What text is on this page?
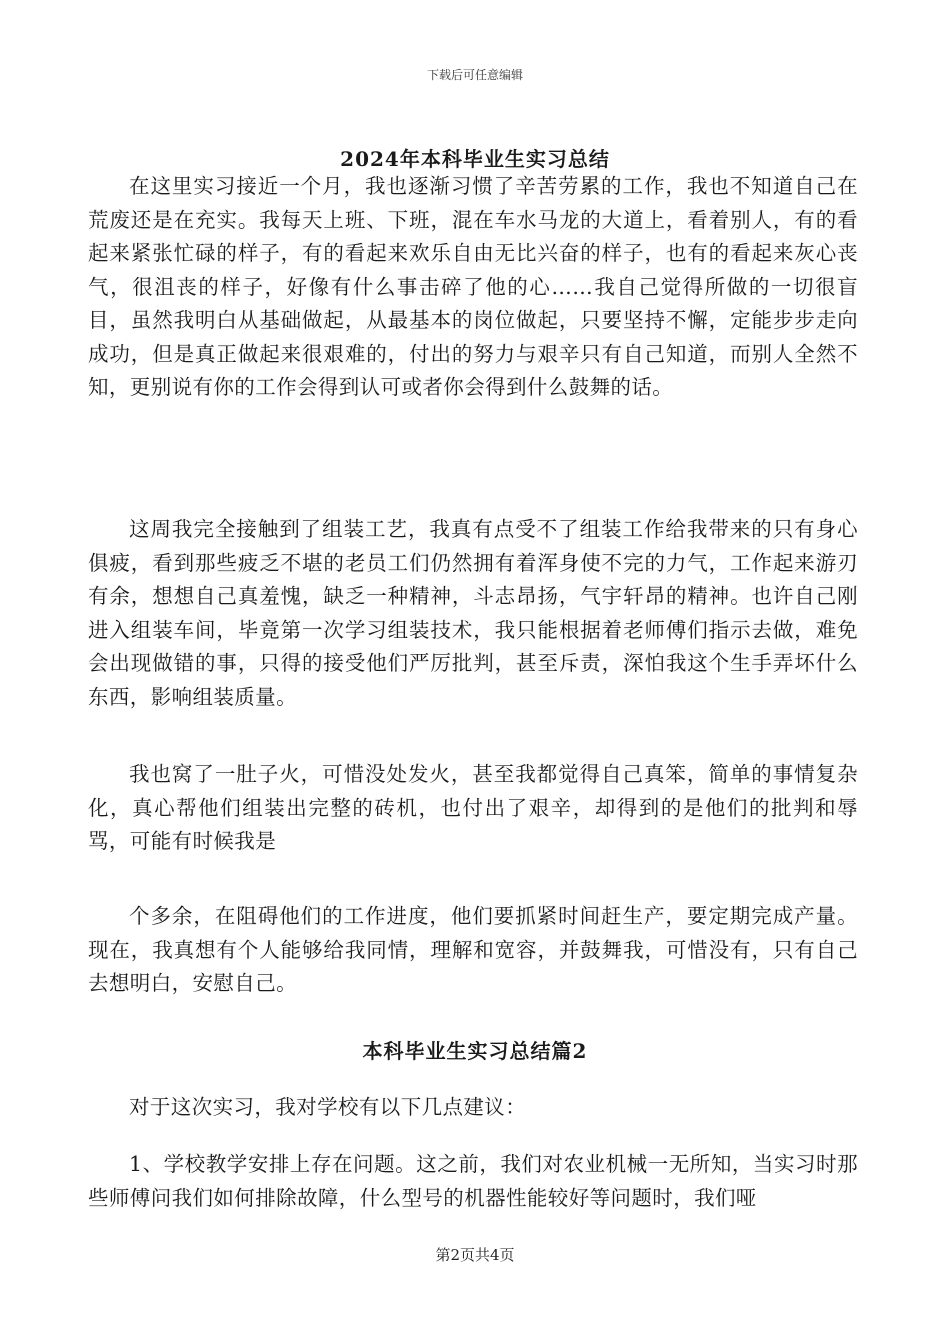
下载后可任意编辑
2024年本科毕业生实习总结

在这里实习接近一个月，我也逐渐习惯了辛苦劳累的工作，我也不知道自己在荒废还是在充实。我每天上班、下班，混在车水马龙的大道上，看着别人，有的看起来紧张忙碌的样子，有的看起来欢乐自由无比兴奋的样子，也有的看起来灰心丧气，很沮丧的样子，好像有什么事击碎了他的心……我自己觉得所做的一切很盲目，虽然我明白从基础做起，从最基本的岗位做起，只要坚持不懈，定能步步走向成功，但是真正做起来很艰难的，付出的努力与艰辛只有自己知道，而别人全然不知，更别说有你的工作会得到认可或者你会得到什么鼓舞的话。

这周我完全接触到了组装工艺，我真有点受不了组装工作给我带来的只有身心俱疲，看到那些疲乏不堪的老员工们仍然拥有着浑身使不完的力气，工作起来游刃有余，想想自己真羞愧，缺乏一种精神，斗志昂扬，气宇轩昂的精神。也许自己刚进入组装车间，毕竟第一次学习组装技术，我只能根据着老师傅们指示去做，难免会出现做错的事，只得的接受他们严厉批判，甚至斥责，深怕我这个生手弄坏什么东西，影响组装质量。

我也窝了一肚子火，可惜没处发火，甚至我都觉得自己真笨，简单的事情复杂化，真心帮他们组装出完整的砖机，也付出了艰辛，却得到的是他们的批判和辱骂，可能有时候我是

个多余，在阻碍他们的工作进度，他们要抓紧时间赶生产，要定期完成产量。现在，我真想有个人能够给我同情，理解和宽容，并鼓舞我，可惜没有，只有自己去想明白，安慰自己。

本科毕业生实习总结篇2

对于这次实习，我对学校有以下几点建议：

1、学校教学安排上存在问题。这之前，我们对农业机械一无所知，当实习时那些师傅问我们如何排除故障，什么型号的机器性能较好等问题时，我们哑

第2页共4页
